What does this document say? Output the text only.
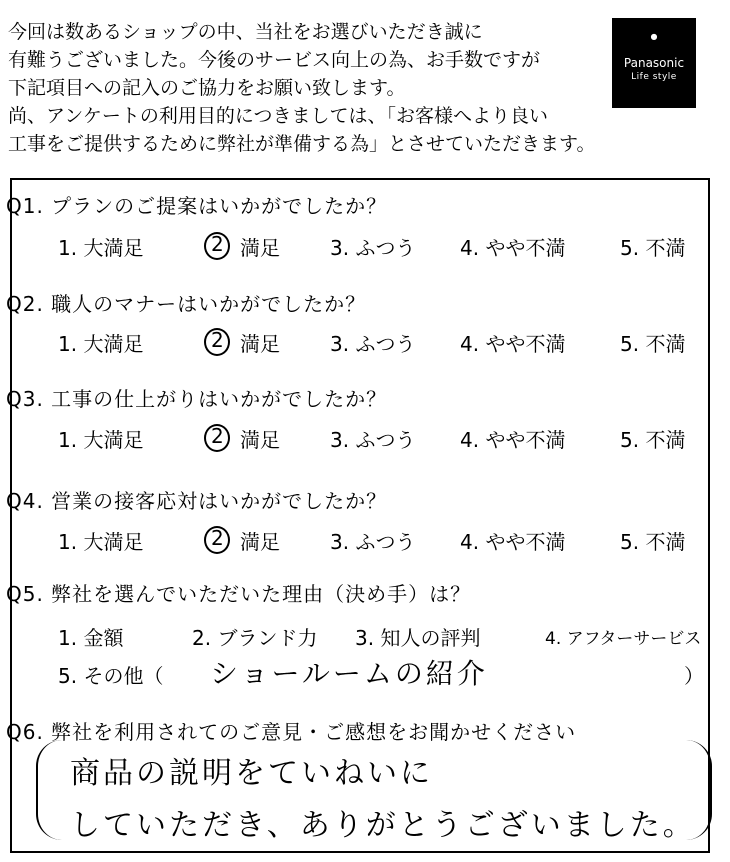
今回は数あるショップの中、当社をお選びいただき誠に
有難うございました。今後のサービス向上の為、お手数ですが
下記項目への記入のご協力をお願い致します。
尚、アンケートの利用目的につきましては、「お客様へより良い
工事をご提供するために弊社が準備する為」とさせていただきます。
●
Panasonic
Life style
Q1. プランのご提案はいかがでしたか？
1. 大満足	2 満足	3. ふつう 4. やや不満	5. 不満
Q2. 職人のマナーはいかがでしたか？
1. 大満足	2 満足	3. ふつう 4. やや不満	5. 不満
Q3. 工事の仕上がりはいかがでしたか？
1. 大満足	2 満足	3. ふつう 4. やや不満	5. 不満
Q4. 営業の接客応対はいかがでしたか？
1. 大満足	2 満足	3. ふつう 4. やや不満	5. 不満
Q5. 弊社を選んでいただいた理由（決め手）は？
1. 金額	2. ブランド力 3. 知人の評判	4. アフターサービス
5. その他（ ショールームの紹介	）
Q6. 弊社を利用されてのご意見・ご感想をお聞かせください
商品の説明をていねいに
していただき、ありがとうございました。
